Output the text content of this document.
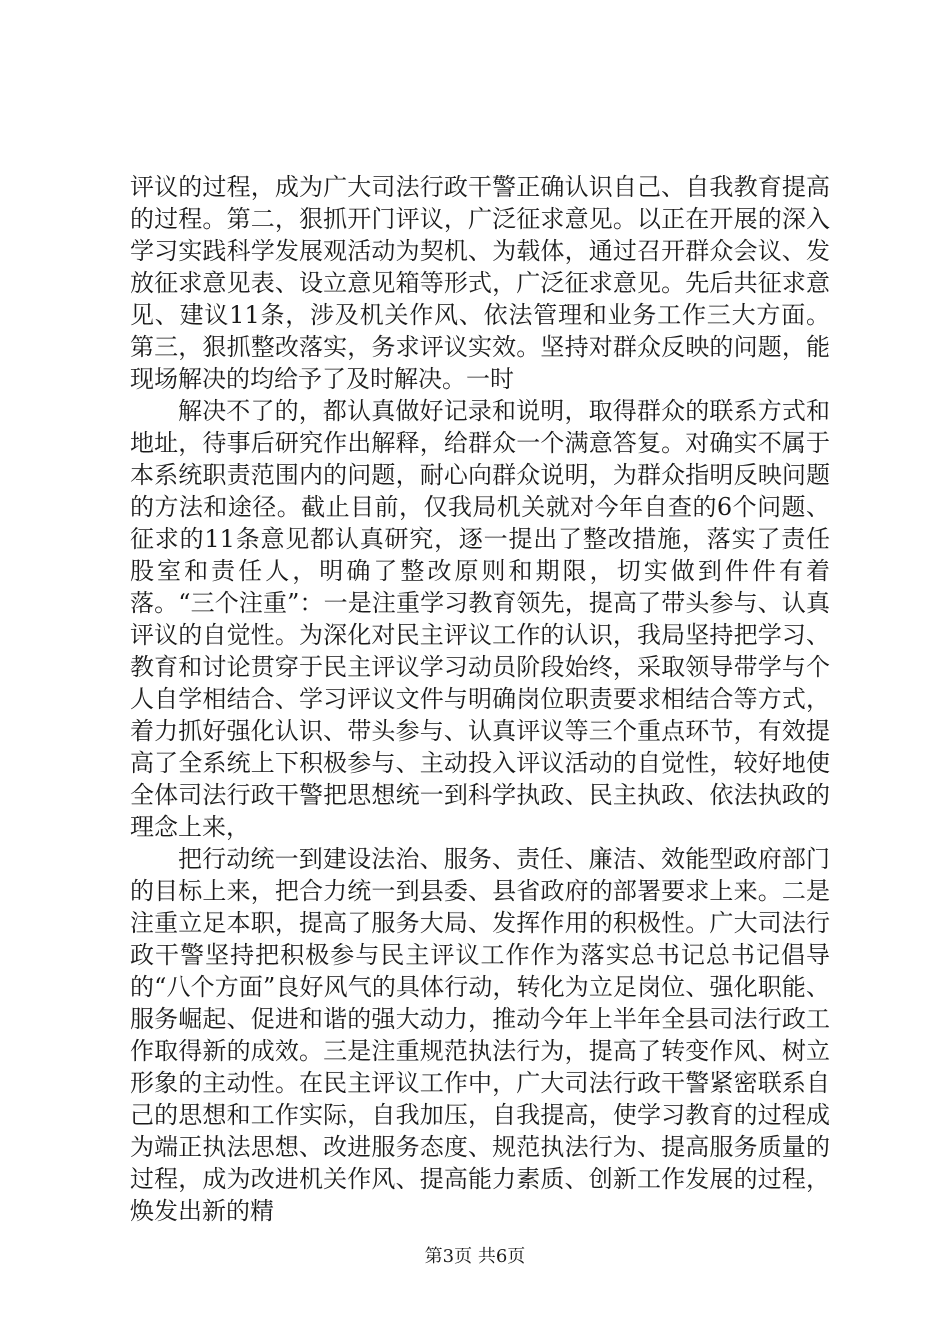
评议的过程，成为广大司法行政干警正确认识自己、自我教育提高的过程。第二，狠抓开门评议，广泛征求意见。以正在开展的深入学习实践科学发展观活动为契机、为载体，通过召开群众会议、发放征求意见表、设立意见箱等形式，广泛征求意见。先后共征求意见、建议11条，涉及机关作风、依法管理和业务工作三大方面。第三，狠抓整改落实，务求评议实效。坚持对群众反映的问题，能现场解决的均给予了及时解决。一时

解决不了的，都认真做好记录和说明，取得群众的联系方式和地址，待事后研究作出解释，给群众一个满意答复。对确实不属于本系统职责范围内的问题，耐心向群众说明，为群众指明反映问题的方法和途径。截止目前，仅我局机关就对今年自查的6个问题、征求的11条意见都认真研究，逐一提出了整改措施，落实了责任股室和责任人，明确了整改原则和期限，切实做到件件有着落。“三个注重”：一是注重学习教育领先，提高了带头参与、认真评议的自觉性。为深化对民主评议工作的认识，我局坚持把学习、教育和讨论贯穿于民主评议学习动员阶段始终，采取领导带学与个人自学相结合、学习评议文件与明确岗位职责要求相结合等方式，着力抓好强化认识、带头参与、认真评议等三个重点环节，有效提高了全系统上下积极参与、主动投入评议活动的自觉性，较好地使全体司法行政干警把思想统一到科学执政、民主执政、依法执政的理念上来，

把行动统一到建设法治、服务、责任、廉洁、效能型政府部门的目标上来，把合力统一到县委、县省政府的部署要求上来。二是注重立足本职，提高了服务大局、发挥作用的积极性。广大司法行政干警坚持把积极参与民主评议工作作为落实总书记总书记倡导的“八个方面”良好风气的具体行动，转化为立足岗位、强化职能、服务崛起、促进和谐的强大动力，推动今年上半年全县司法行政工作取得新的成效。三是注重规范执法行为，提高了转变作风、树立形象的主动性。在民主评议工作中，广大司法行政干警紧密联系自己的思想和工作实际，自我加压，自我提高，使学习教育的过程成为端正执法思想、改进服务态度、规范执法行为、提高服务质量的过程，成为改进机关作风、提高能力素质、创新工作发展的过程，焕发出新的精

第3页 共6页
